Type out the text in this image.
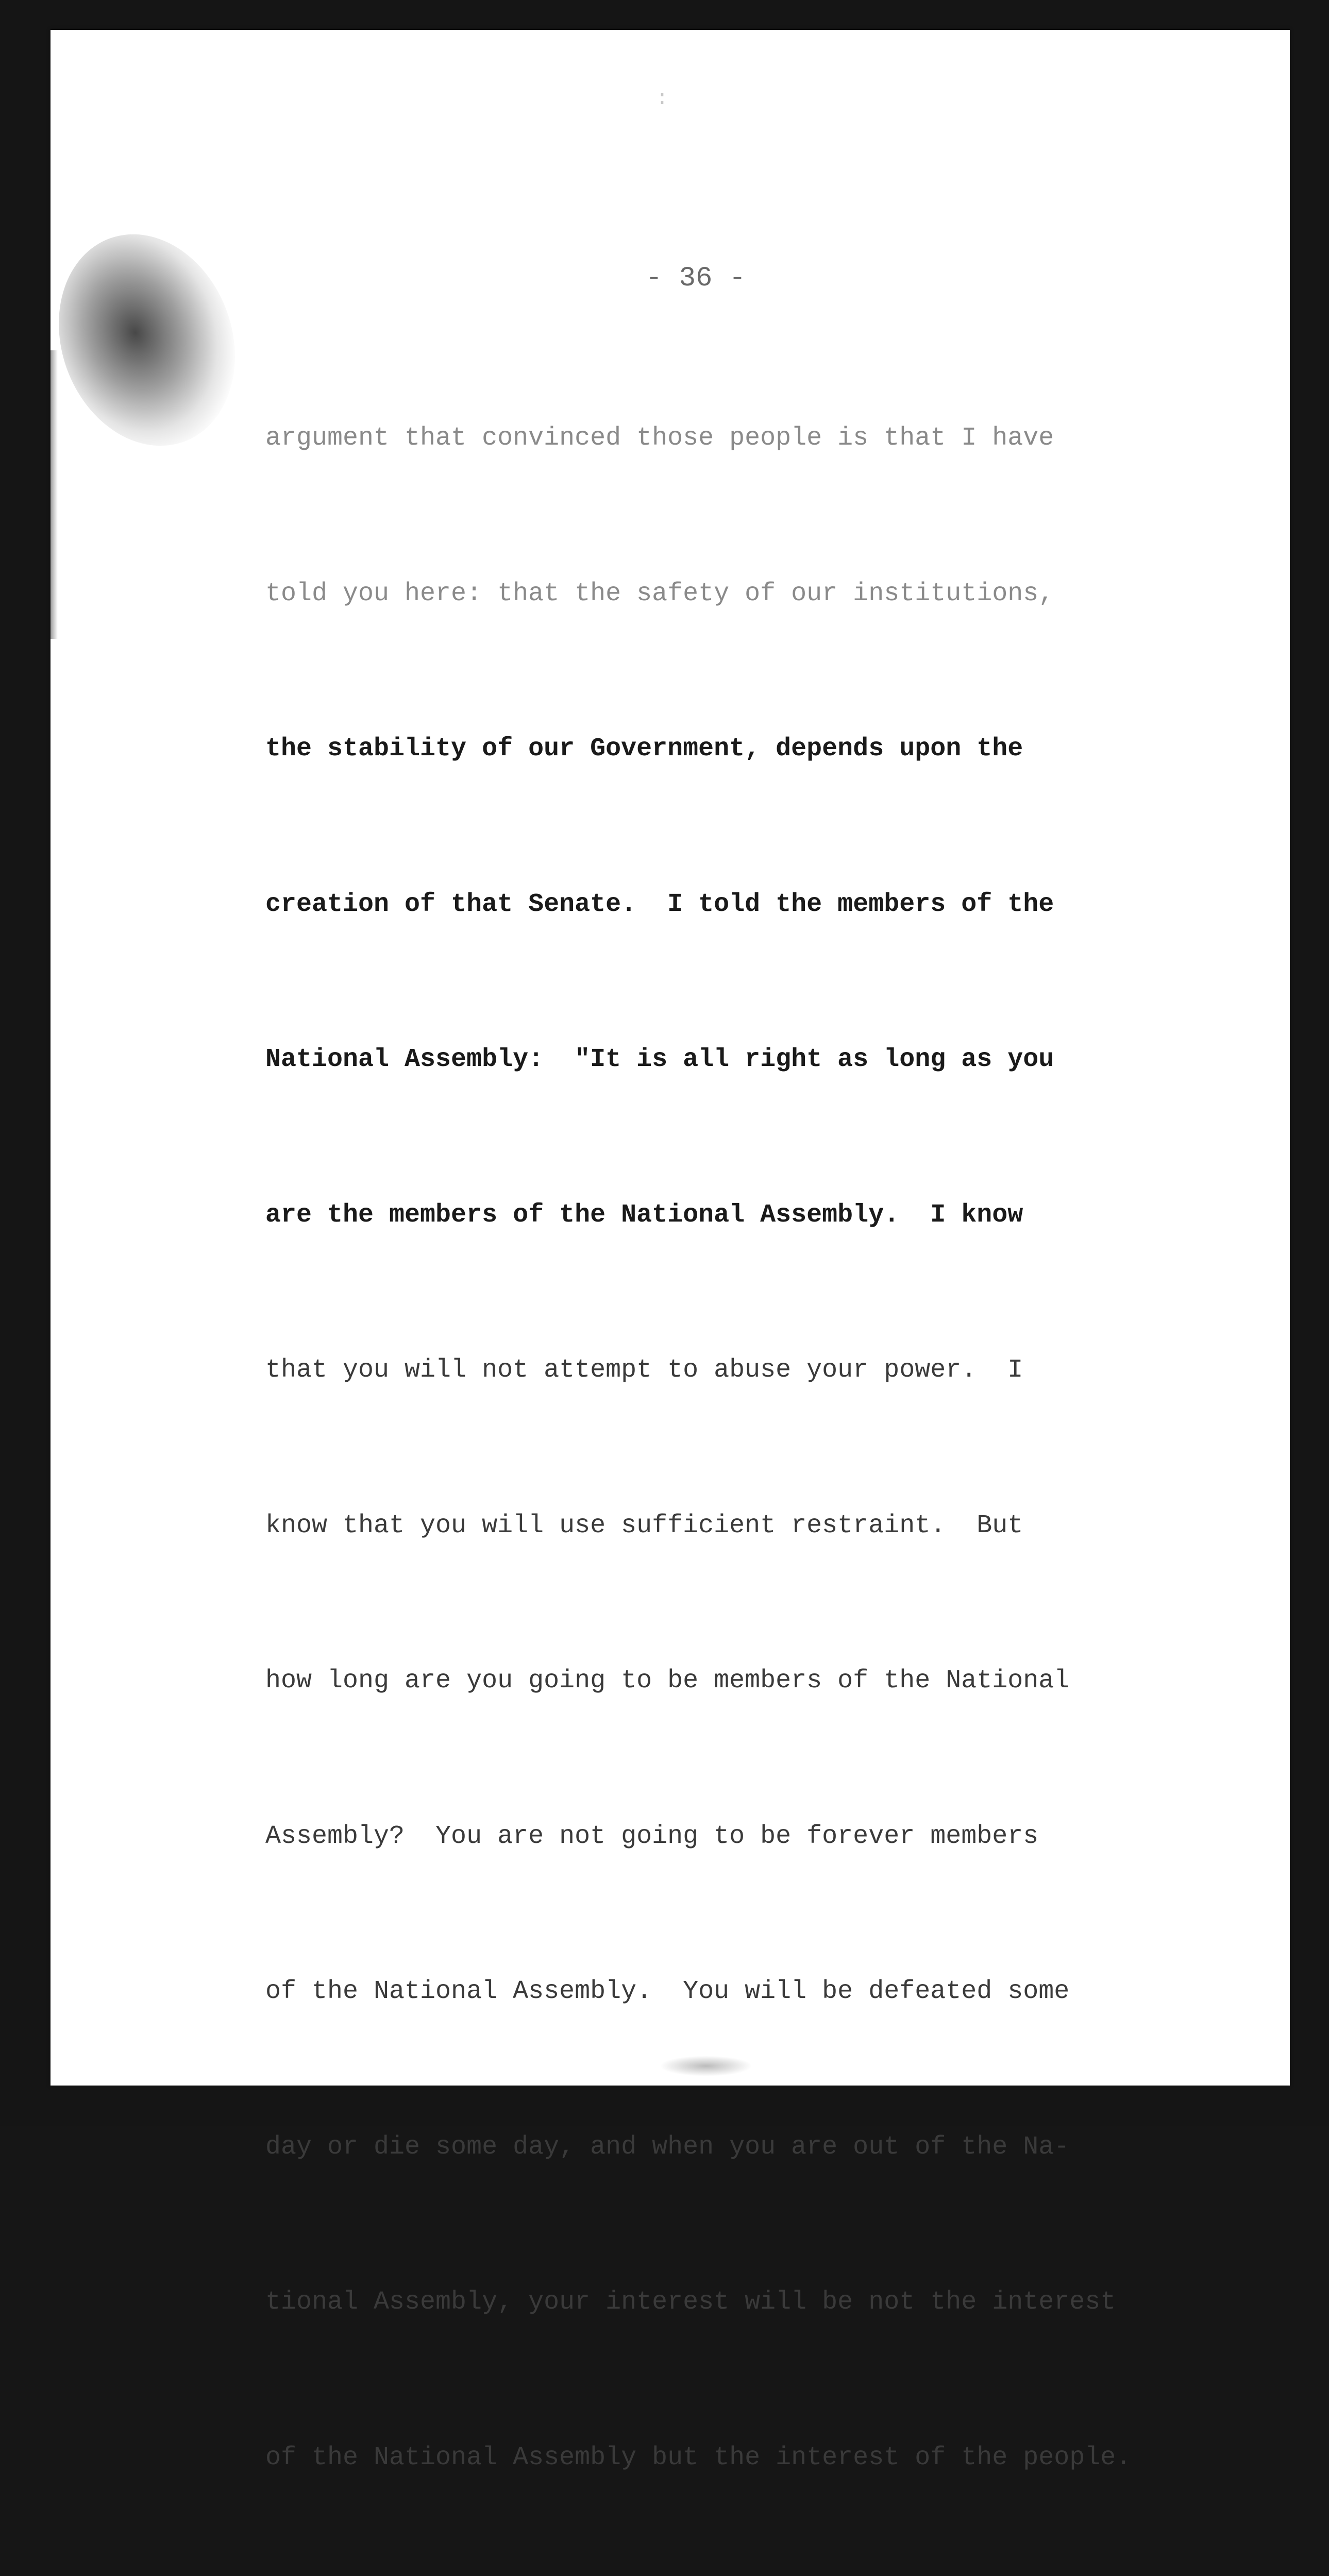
:
- 36 -

argument that convinced those people is that I have

told you here: that the safety of our institutions,

the stability of our Government, depends upon the

creation of that Senate.  I told the members of the

National Assembly:  "It is all right as long as you

are the members of the National Assembly.  I know

that you will not attempt to abuse your power.  I

know that you will use sufficient restraint.  But

how long are you going to be members of the National

Assembly?  You are not going to be forever members

of the National Assembly.  You will be defeated some

day or die some day, and when you are out of the Na-

tional Assembly, your interest will be not the interest

of the National Assembly but the interest of the people.
